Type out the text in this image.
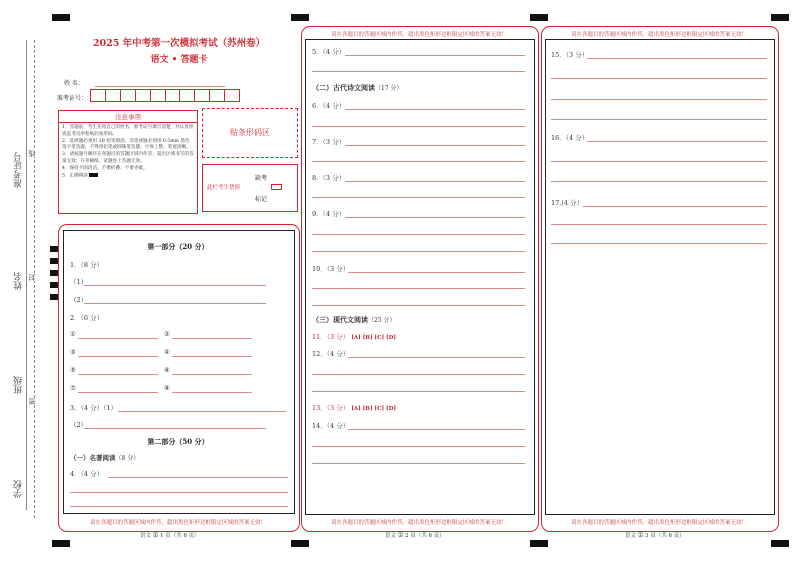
学校
班级
姓名
准考证号
密
封
线
2025 年中考第一次模拟考试（苏州卷）
语文 • 答题卡
姓 名：
准考证号：
注意事项
1．答题前，考生先将自己的姓名，准考证号填写清楚，并认真检查监考员所粘贴的条形码。
2．选择题必须用 2B 铅笔填涂；非选择题必须用 0.5mm 黑色签字笔答题，不得用铅笔或圆珠笔答题；字体工整、笔迹清晰。
3．请按题号顺序在各题目的答题区域内作答，超出区域书写的答案无效；在草稿纸、试题卷上答题无效。
4．保持卡面清洁，不要折叠、不要弄破。
5．正确填涂
贴条形码区
缺考
此栏考生禁填
标记
请在各题目的答题区域内作答，超出黑色矩形边框限定区域的答案无效！
第一部分（20 分）
1．（8 分）
（1）
（2）
2．（6 分）
①	②
③	④
⑤	⑥
⑦	⑧
3．（4 分）（1）
（2）
第二部分（50 分）
（一）名著阅读（8 分）
4．（4 分）
语文 第 1 页（共 6 页）
请在各题目的答题区域内作答，超出黑色矩形边框限定区域的答案无效！
请在各题目的答题区域内作答，超出黑色矩形边框限定区域的答案无效！
5．（4 分）
（二）古代诗文阅读（17 分）
6．（4 分）
7．（3 分）
8．（3 分）
9．（4 分）
10．（3 分）
（三）现代文阅读（25 分）
11．（3 分） [A] [B] [C] [D]
12．（4 分）
13．（3 分） [A] [B] [C] [D]
14．（4 分）
语文 第 2 页（共 6 页）
请在各题目的答题区域内作答，超出黑色矩形边框限定区域的答案无效！
请在各题目的答题区域内作答，超出黑色矩形边框限定区域的答案无效！
15．（3 分）
16．（4 分）
17.(4 分）
语文 第 3 页（共 6 页）
